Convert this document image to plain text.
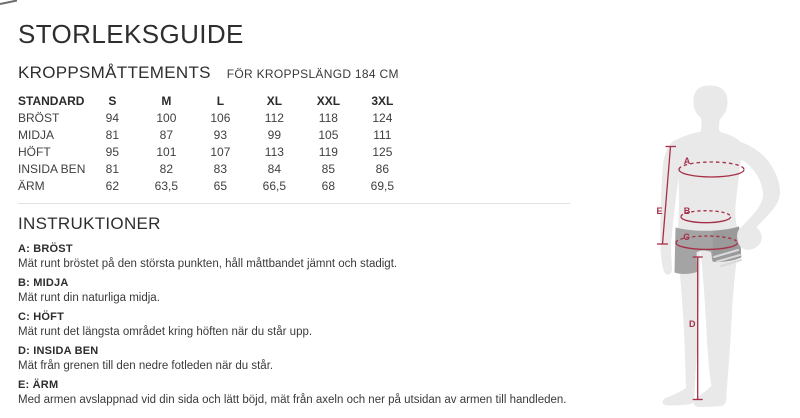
STORLEKSGUIDE
KROPPSMÅTTEMENTS FÖR KROPPSLÄNGD 184 CM
STANDARD	S	M	L	XL	XXL	3XL
BRÖST	94	100	106	112	118	124
MIDJA	81	87	93	99	105	111
HÖFT	95	101	107	113	119	125
INSIDA BEN	81	82	83	84	85	86
ÄRM	62	63,5	65	66,5	68	69,5
INSTRUKTIONER
A: BRÖST
Mät runt bröstet på den största punkten, håll måttbandet jämnt och stadigt.
B: MIDJA
Mät runt din naturliga midja.
C: HÖFT
Mät runt det längsta området kring höften när du står upp.
D: INSIDA BEN
Mät från grenen till den nedre fotleden när du står.
E: ÄRM
Med armen avslappnad vid din sida och lätt böjd, mät från axeln och ner på utsidan av armen till handleden.
A
B
C
D
E
